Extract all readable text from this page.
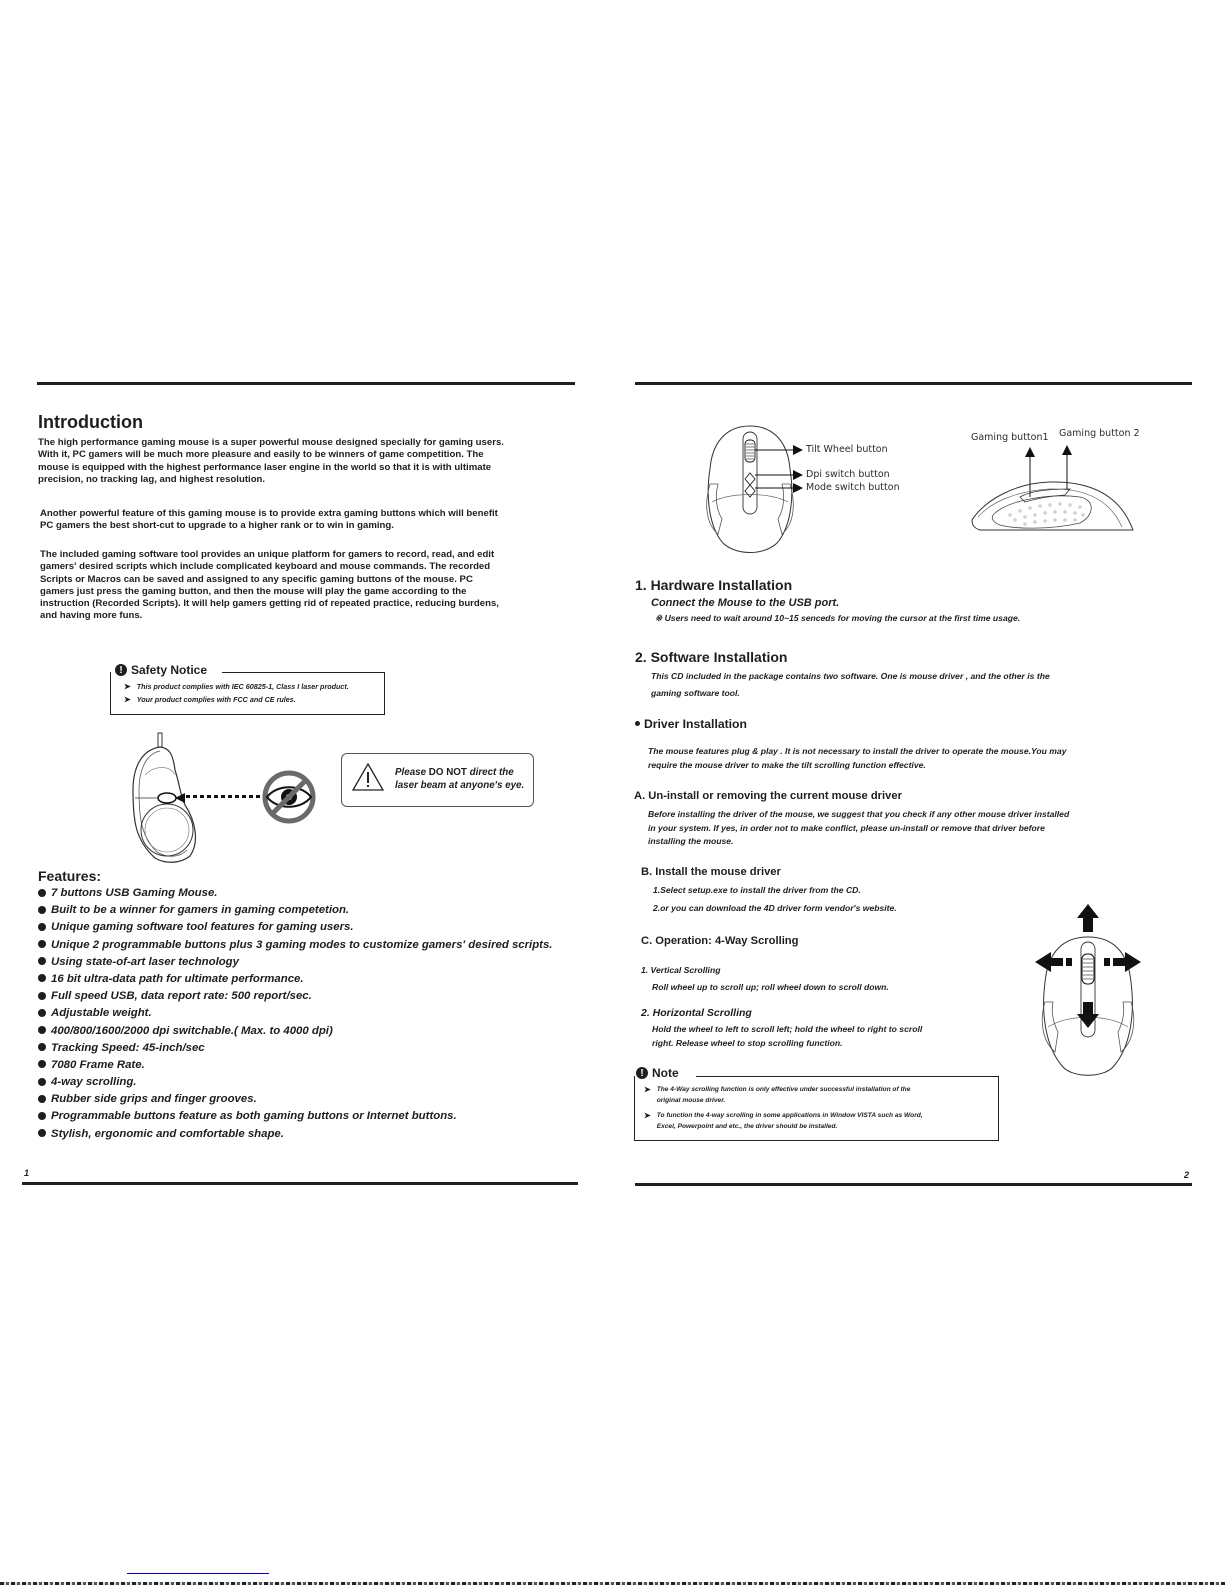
Introduction
The high performance gaming mouse is a super powerful mouse designed specially for gaming users.
With it, PC gamers will be much more pleasure and easily to be winners of game competition. The
mouse is equipped with the highest performance laser engine in the world so that it is with ultimate
precision, no tracking lag, and highest resolution.
Another powerful feature of this gaming mouse is to provide extra gaming buttons which will benefit
PC gamers the best short-cut to upgrade to a higher rank or to win in gaming.
The included gaming software tool provides an unique platform for gamers to record, read, and edit
gamers' desired scripts which include complicated keyboard and mouse commands. The recorded
Scripts or Macros can be saved and assigned to any specific gaming buttons of the mouse. PC
gamers just press the gaming button, and then the mouse will play the game according to the
instruction (Recorded Scripts). It will help gamers getting rid of repeated practice, reducing burdens,
and having more funs.
! Safety Notice
➤ This product complies with IEC 60825-1, Class I laser product.
➤ Your product complies with FCC and CE rules.
Please DO NOT direct the
laser beam at anyone's eye.
Features:
7 buttons USB Gaming Mouse.
Built to be a winner for gamers in gaming competetion.
Unique gaming software tool features for gaming users.
Unique 2 programmable buttons plus 3 gaming modes to customize gamers' desired scripts.
Using state-of-art laser technology
16 bit ultra-data path for ultimate performance.
Full speed USB, data report rate: 500 report/sec.
Adjustable weight.
400/800/1600/2000 dpi switchable.( Max. to 4000 dpi)
Tracking Speed: 45-inch/sec
7080 Frame Rate.
4-way scrolling.
Rubber side grips and finger grooves.
Programmable buttons feature as both gaming buttons or Internet buttons.
Stylish, ergonomic and comfortable shape.
1
Tilt Wheel button
Dpi switch button
Mode switch button
Gaming button1 Gaming button 2
1. Hardware Installation
Connect the Mouse to the USB port.
※ Users need to wait around 10~15 senceds for moving the cursor at the first time usage.
2. Software Installation
This CD included in the package contains two software. One is mouse driver , and the other is the
gaming software tool.
Driver Installation
The mouse features plug & play . It is not necessary to install the driver to operate the mouse.You may
require the mouse driver to make the tilt scrolling function effective.
A. Un-install or removing the current mouse driver
Before installing the driver of the mouse, we suggest that you check if any other mouse driver installed
in your system. If yes, in order not to make conflict, please un-install or remove that driver before
installing the mouse.
B. Install the mouse driver
1.Select setup.exe to install the driver from the CD.
2.or you can download the 4D driver form vendor's website.
C. Operation: 4-Way Scrolling
1. Vertical Scrolling
Roll wheel up to scroll up; roll wheel down to scroll down.
2. Horizontal Scrolling
Hold the wheel to left to scroll left; hold the wheel to right to scroll
right. Release wheel to stop scrolling function.
! Note
➤ The 4-Way scrolling function is only effective under successful installation of the
original mouse driver.
➤ To function the 4-way scrolling in some applications in Window VISTA such as Word,
Excel, Powerpoint and etc., the driver should be installed.
2
